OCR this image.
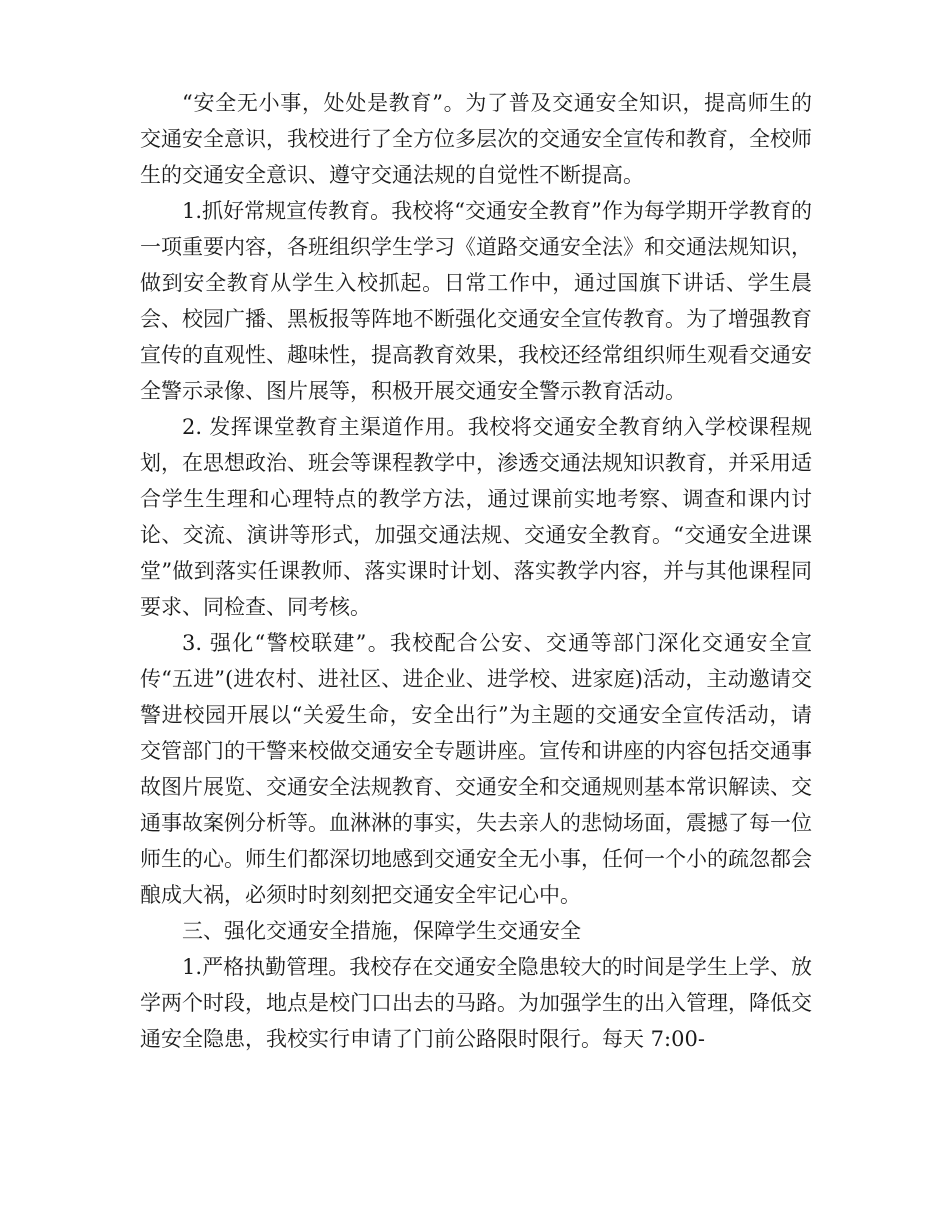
“安全无小事，处处是教育”。为了普及交通安全知识，提高师生的交通安全意识，我校进行了全方位多层次的交通安全宣传和教育，全校师生的交通安全意识、遵守交通法规的自觉性不断提高。

1.抓好常规宣传教育。我校将“交通安全教育”作为每学期开学教育的一项重要内容，各班组织学生学习《道路交通安全法》和交通法规知识，做到安全教育从学生入校抓起。日常工作中，通过国旗下讲话、学生晨会、校园广播、黑板报等阵地不断强化交通安全宣传教育。为了增强教育宣传的直观性、趣味性，提高教育效果，我校还经常组织师生观看交通安全警示录像、图片展等，积极开展交通安全警示教育活动。

2. 发挥课堂教育主渠道作用。我校将交通安全教育纳入学校课程规划，在思想政治、班会等课程教学中，渗透交通法规知识教育，并采用适合学生生理和心理特点的教学方法，通过课前实地考察、调查和课内讨论、交流、演讲等形式，加强交通法规、交通安全教育。“交通安全进课堂”做到落实任课教师、落实课时计划、落实教学内容，并与其他课程同要求、同检查、同考核。

3. 强化“警校联建”。我校配合公安、交通等部门深化交通安全宣传“五进”(进农村、进社区、进企业、进学校、进家庭)活动，主动邀请交警进校园开展以“关爱生命，安全出行”为主题的交通安全宣传活动，请交管部门的干警来校做交通安全专题讲座。宣传和讲座的内容包括交通事故图片展览、交通安全法规教育、交通安全和交通规则基本常识解读、交通事故案例分析等。血淋淋的事实，失去亲人的悲恸场面，震撼了每一位师生的心。师生们都深切地感到交通安全无小事，任何一个小的疏忽都会酿成大祸，必须时时刻刻把交通安全牢记心中。

三、强化交通安全措施，保障学生交通安全

1.严格执勤管理。我校存在交通安全隐患较大的时间是学生上学、放学两个时段，地点是校门口出去的马路。为加强学生的出入管理，降低交通安全隐患，我校实行申请了门前公路限时限行。每天 7:00-
